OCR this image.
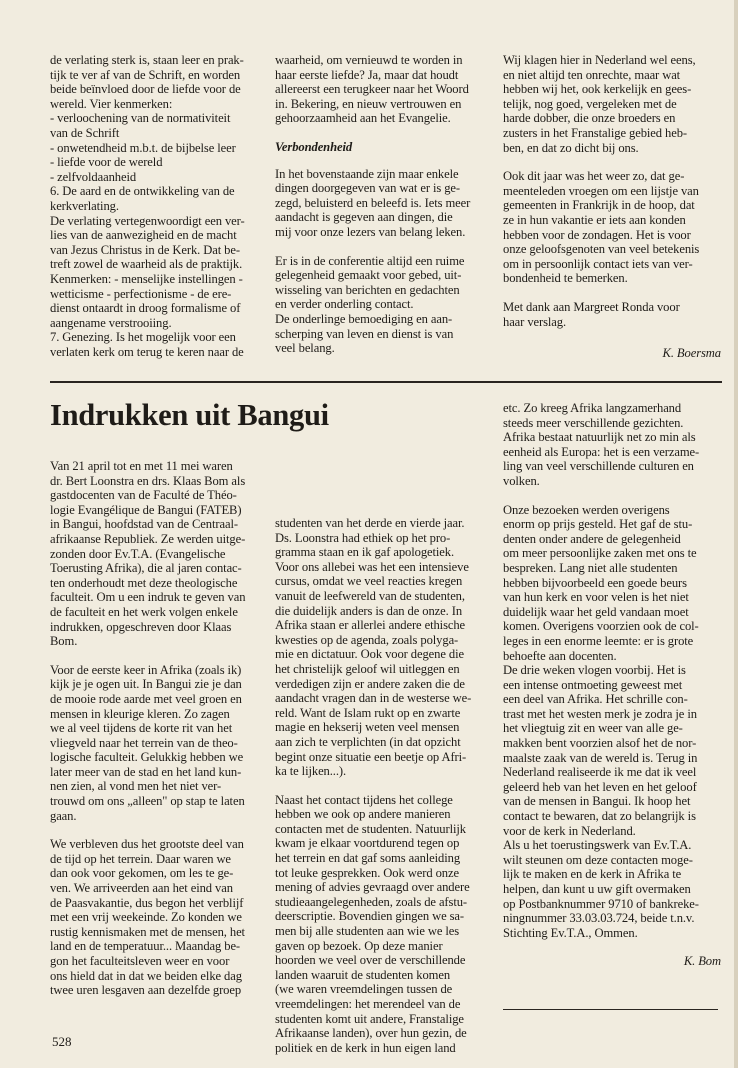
de verlating sterk is, staan leer en prak-
tijk te ver af van de Schrift, en worden
beide beïnvloed door de liefde voor de
wereld. Vier kenmerken:
- verloochening van de normativiteit
van de Schrift
- onwetendheid m.b.t. de bijbelse leer
- liefde voor de wereld
- zelfvoldaanheid
6. De aard en de ontwikkeling van de
kerkverlating.
De verlating vertegenwoordigt een ver-
lies van de aanwezigheid en de macht
van Jezus Christus in de Kerk. Dat be-
treft zowel de waarheid als de praktijk.
Kenmerken: - menselijke instellingen -
wetticisme - perfectionisme - de ere-
dienst ontaardt in droog formalisme of
aangename verstrooiing.
7. Genezing. Is het mogelijk voor een
verlaten kerk om terug te keren naar de

waarheid, om vernieuwd te worden in
haar eerste liefde? Ja, maar dat houdt
allereerst een terugkeer naar het Woord
in. Bekering, en nieuw vertrouwen en
gehoorzaamheid aan het Evangelie.

Verbondenheid

In het bovenstaande zijn maar enkele
dingen doorgegeven van wat er is ge-
zegd, beluisterd en beleefd is. Iets meer
aandacht is gegeven aan dingen, die
mij voor onze lezers van belang leken.

Er is in de conferentie altijd een ruime
gelegenheid gemaakt voor gebed, uit-
wisseling van berichten en gedachten
en verder onderling contact.
De onderlinge bemoediging en aan-
scherping van leven en dienst is van
veel belang.

Wij klagen hier in Nederland wel eens,
en niet altijd ten onrechte, maar wat
hebben wij het, ook kerkelijk en gees-
telijk, nog goed, vergeleken met de
harde dobber, die onze broeders en
zusters in het Franstalige gebied heb-
ben, en dat zo dicht bij ons.

Ook dit jaar was het weer zo, dat ge-
meenteleden vroegen om een lijstje van
gemeenten in Frankrijk in de hoop, dat
ze in hun vakantie er iets aan konden
hebben voor de zondagen. Het is voor
onze geloofsgenoten van veel betekenis
om in persoonlijk contact iets van ver-
bondenheid te bemerken.

Met dank aan Margreet Ronda voor
haar verslag.

K. Boersma
Indrukken uit Bangui

Van 21 april tot en met 11 mei waren
dr. Bert Loonstra en drs. Klaas Bom als
gastdocenten van de Faculté de Théo-
logie Evangélique de Bangui (FATEB)
in Bangui, hoofdstad van de Centraal-
afrikaanse Republiek. Ze werden uitge-
zonden door Ev.T.A. (Evangelische
Toerusting Afrika), die al jaren contac-
ten onderhoudt met deze theologische
faculteit. Om u een indruk te geven van
de faculteit en het werk volgen enkele
indrukken, opgeschreven door Klaas
Bom.

Voor de eerste keer in Afrika (zoals ik)
kijk je je ogen uit. In Bangui zie je dan
de mooie rode aarde met veel groen en
mensen in kleurige kleren. Zo zagen
we al veel tijdens de korte rit van het
vliegveld naar het terrein van de theo-
logische faculteit. Gelukkig hebben we
later meer van de stad en het land kun-
nen zien, al vond men het niet ver-
trouwd om ons „alleen" op stap te laten
gaan.

We verbleven dus het grootste deel van
de tijd op het terrein. Daar waren we
dan ook voor gekomen, om les te ge-
ven. We arriveerden aan het eind van
de Paasvakantie, dus begon het verblijf
met een vrij weekeinde. Zo konden we
rustig kennismaken met de mensen, het
land en de temperatuur... Maandag be-
gon het faculteitsleven weer en voor
ons hield dat in dat we beiden elke dag
twee uren lesgaven aan dezelfde groep

studenten van het derde en vierde jaar.
Ds. Loonstra had ethiek op het pro-
gramma staan en ik gaf apologetiek.
Voor ons allebei was het een intensieve
cursus, omdat we veel reacties kregen
vanuit de leefwereld van de studenten,
die duidelijk anders is dan de onze. In
Afrika staan er allerlei andere ethische
kwesties op de agenda, zoals polyga-
mie en dictatuur. Ook voor degene die
het christelijk geloof wil uitleggen en
verdedigen zijn er andere zaken die de
aandacht vragen dan in de westerse we-
reld. Want de Islam rukt op en zwarte
magie en hekserij weten veel mensen
aan zich te verplichten (in dat opzicht
begint onze situatie een beetje op Afri-
ka te lijken...).

Naast het contact tijdens het college
hebben we ook op andere manieren
contacten met de studenten. Natuurlijk
kwam je elkaar voortdurend tegen op
het terrein en dat gaf soms aanleiding
tot leuke gesprekken. Ook werd onze
mening of advies gevraagd over andere
studieaangelegenheden, zoals de afstu-
deerscriptie. Bovendien gingen we sa-
men bij alle studenten aan wie we les
gaven op bezoek. Op deze manier
hoorden we veel over de verschillende
landen waaruit de studenten komen
(we waren vreemdelingen tussen de
vreemdelingen: het merendeel van de
studenten komt uit andere, Franstalige
Afrikaanse landen), over hun gezin, de
politiek en de kerk in hun eigen land

etc. Zo kreeg Afrika langzamerhand
steeds meer verschillende gezichten.
Afrika bestaat natuurlijk net zo min als
eenheid als Europa: het is een verzame-
ling van veel verschillende culturen en
volken.

Onze bezoeken werden overigens
enorm op prijs gesteld. Het gaf de stu-
denten onder andere de gelegenheid
om meer persoonlijke zaken met ons te
bespreken. Lang niet alle studenten
hebben bijvoorbeeld een goede beurs
van hun kerk en voor velen is het niet
duidelijk waar het geld vandaan moet
komen. Overigens voorzien ook de col-
leges in een enorme leemte: er is grote
behoefte aan docenten.
De drie weken vlogen voorbij. Het is
een intense ontmoeting geweest met
een deel van Afrika. Het schrille con-
trast met het westen merk je zodra je in
het vliegtuig zit en weer van alle ge-
makken bent voorzien alsof het de nor-
maalste zaak van de wereld is. Terug in
Nederland realiseerde ik me dat ik veel
geleerd heb van het leven en het geloof
van de mensen in Bangui. Ik hoop het
contact te bewaren, dat zo belangrijk is
voor de kerk in Nederland.
Als u het toerustingswerk van Ev.T.A.
wilt steunen om deze contacten moge-
lijk te maken en de kerk in Afrika te
helpen, dan kunt u uw gift overmaken
op Postbanknummer 9710 of bankreke-
ningnummer 33.03.03.724, beide t.n.v.
Stichting Ev.T.A., Ommen.

K. Bom
528
